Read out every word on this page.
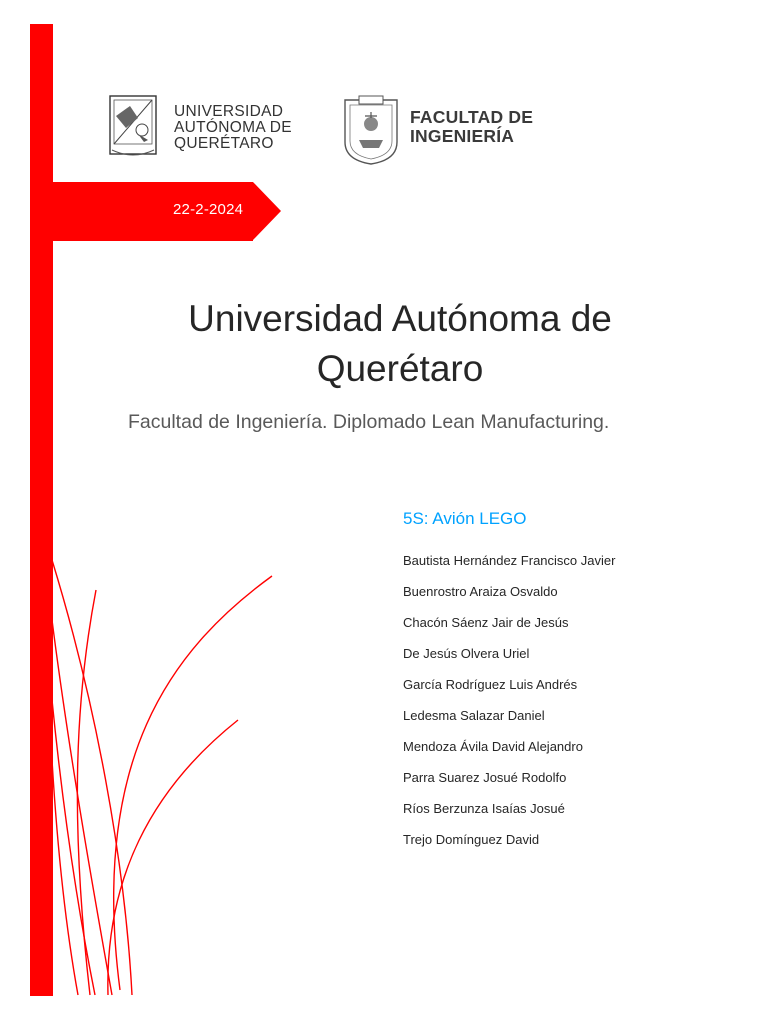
UNIVERSIDAD
AUTÓNOMA DE
QUERÉTARO
FACULTAD DE
INGENIERÍA
22-2-2024
Universidad Autónoma de
Querétaro
Facultad de Ingeniería. Diplomado Lean Manufacturing.
5S: Avión LEGO
Bautista Hernández Francisco Javier
Buenrostro Araiza Osvaldo
Chacón Sáenz Jair de Jesús
De Jesús Olvera Uriel
García Rodríguez Luis Andrés
Ledesma Salazar Daniel
Mendoza Ávila David Alejandro
Parra Suarez Josué Rodolfo
Ríos Berzunza Isaías Josué
Trejo Domínguez David
